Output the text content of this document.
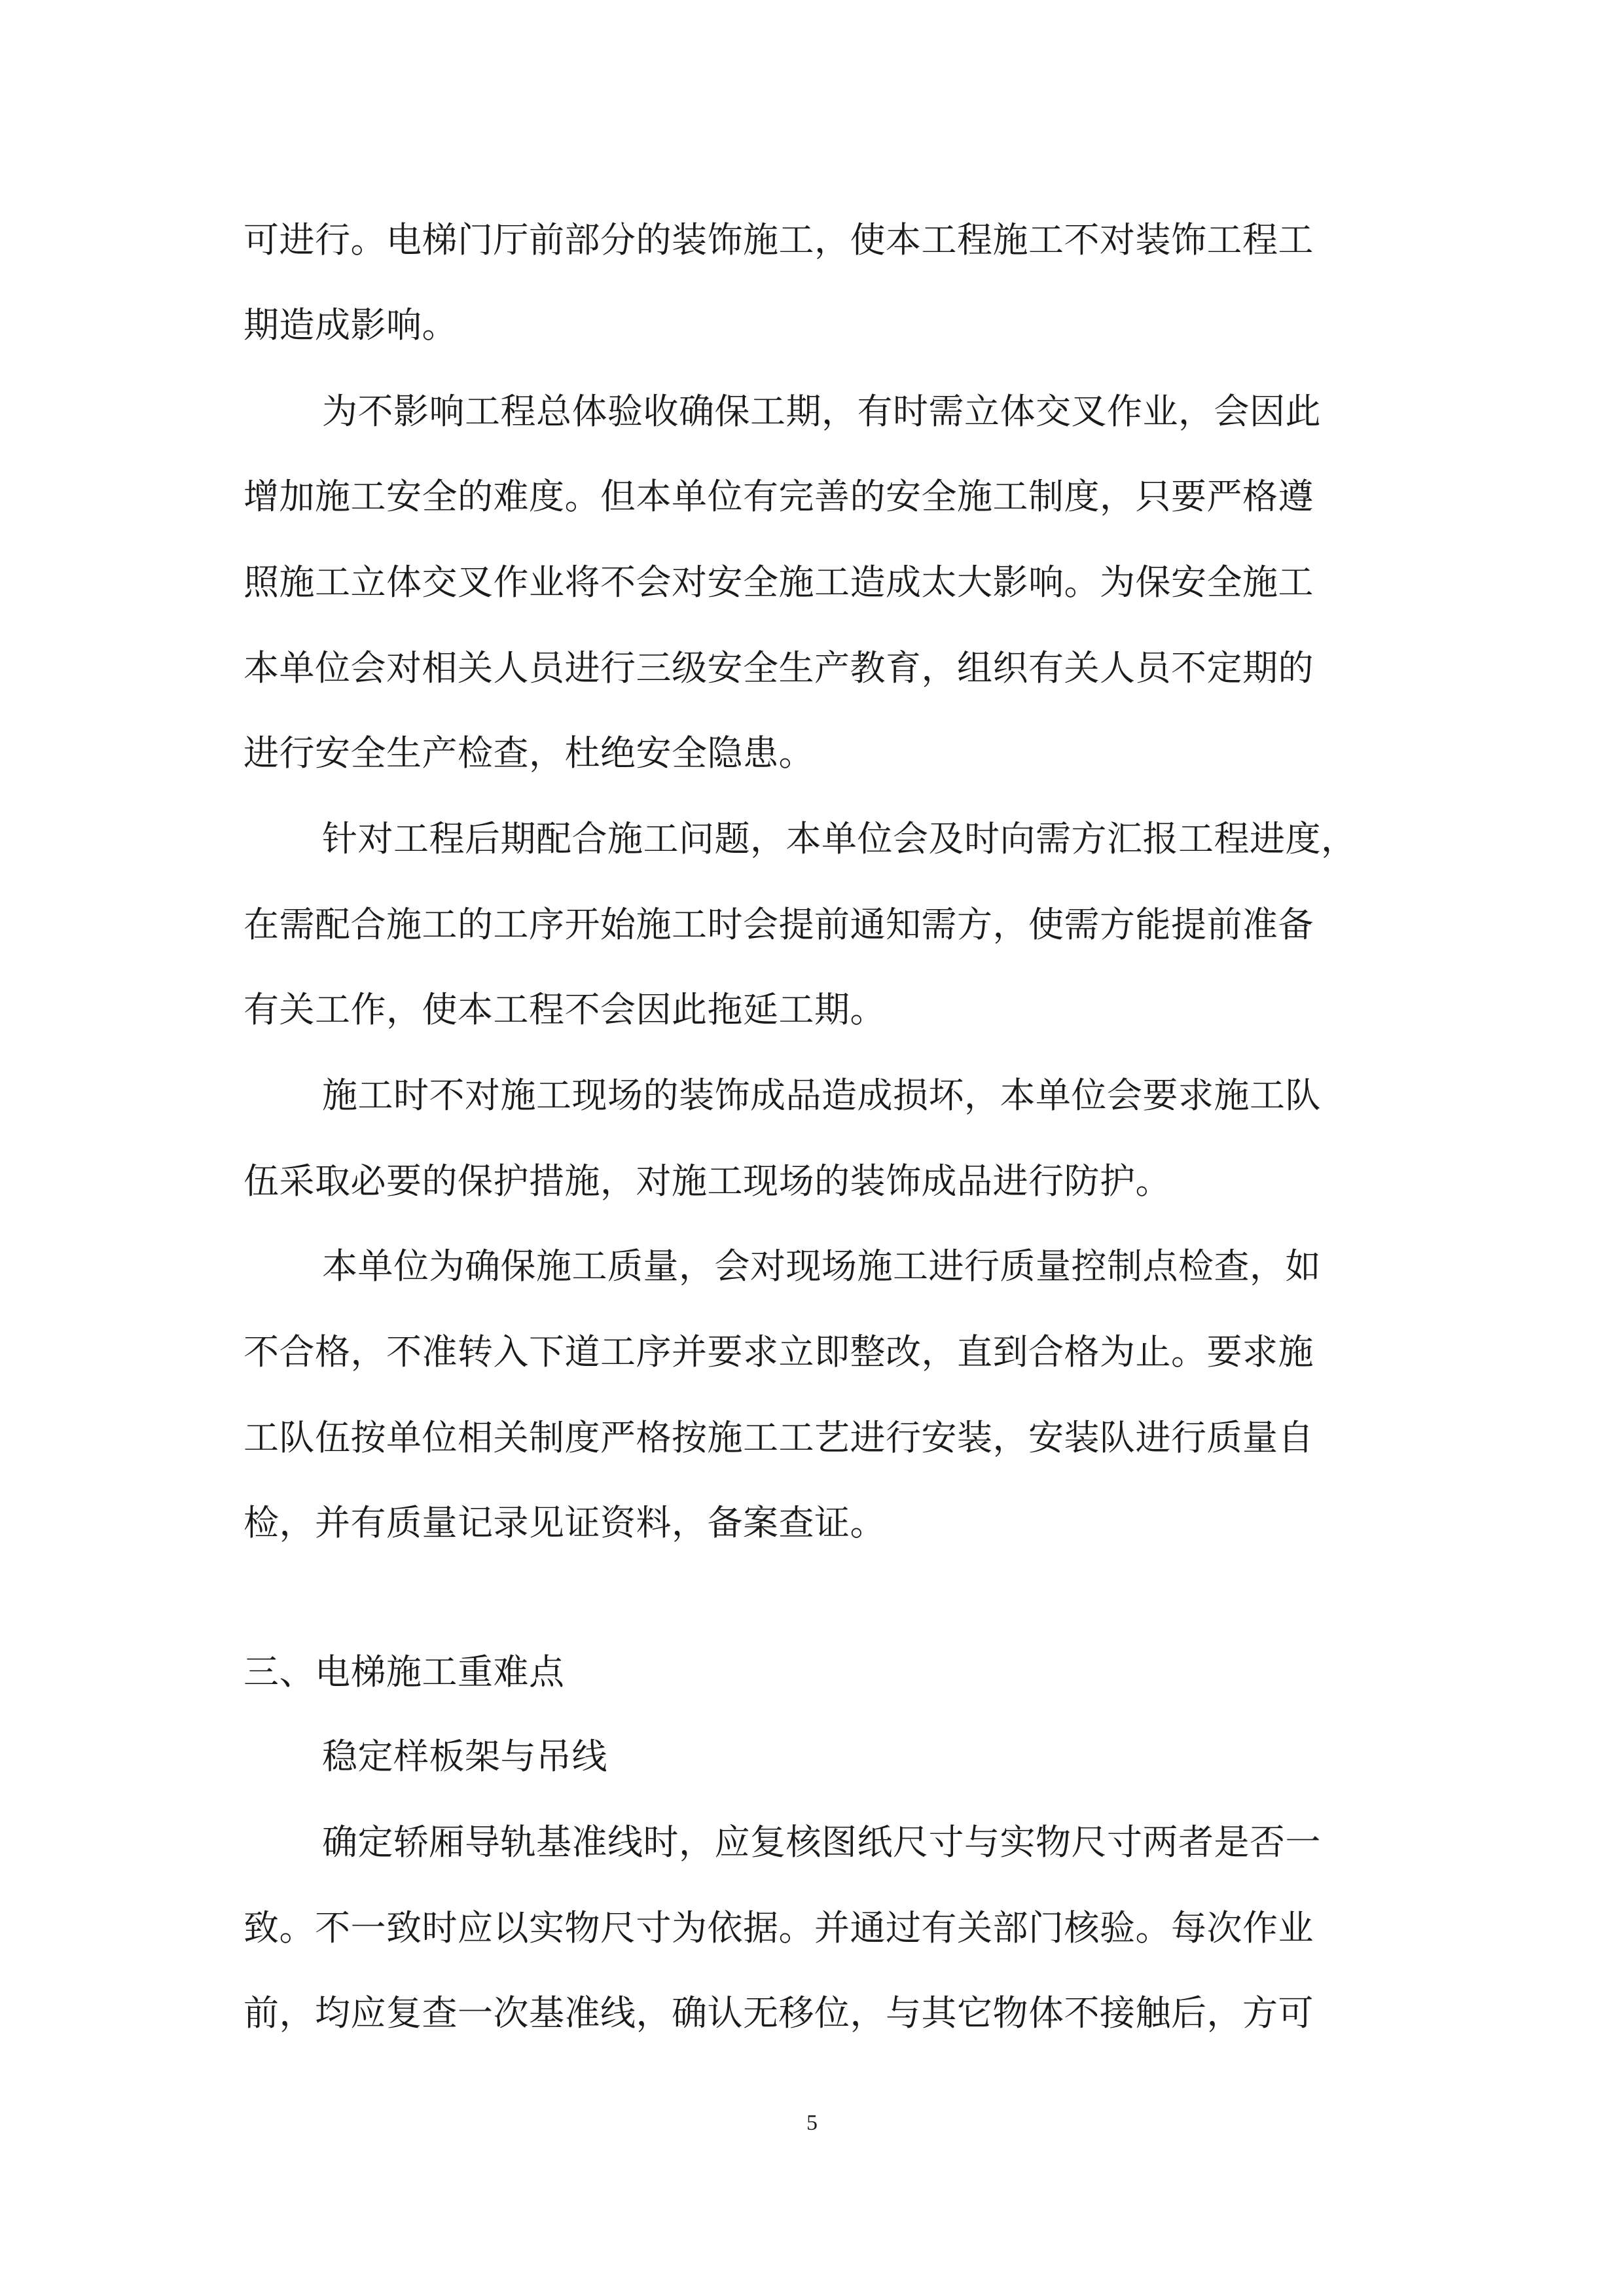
可进行。电梯门厅前部分的装饰施工，使本工程施工不对装饰工程工
期造成影响。
为不影响工程总体验收确保工期，有时需立体交叉作业，会因此
增加施工安全的难度。但本单位有完善的安全施工制度，只要严格遵
照施工立体交叉作业将不会对安全施工造成太大影响。为保安全施工
本单位会对相关人员进行三级安全生产教育，组织有关人员不定期的
进行安全生产检查，杜绝安全隐患。
针对工程后期配合施工问题，本单位会及时向需方汇报工程进度，
在需配合施工的工序开始施工时会提前通知需方，使需方能提前准备
有关工作，使本工程不会因此拖延工期。
施工时不对施工现场的装饰成品造成损坏，本单位会要求施工队
伍采取必要的保护措施，对施工现场的装饰成品进行防护。
本单位为确保施工质量，会对现场施工进行质量控制点检查，如
不合格，不准转入下道工序并要求立即整改，直到合格为止。要求施
工队伍按单位相关制度严格按施工工艺进行安装，安装队进行质量自
检，并有质量记录见证资料，备案查证。
三、电梯施工重难点
稳定样板架与吊线
确定轿厢导轨基准线时，应复核图纸尺寸与实物尺寸两者是否一
致。不一致时应以实物尺寸为依据。并通过有关部门核验。每次作业
前，均应复查一次基准线，确认无移位，与其它物体不接触后，方可
5
